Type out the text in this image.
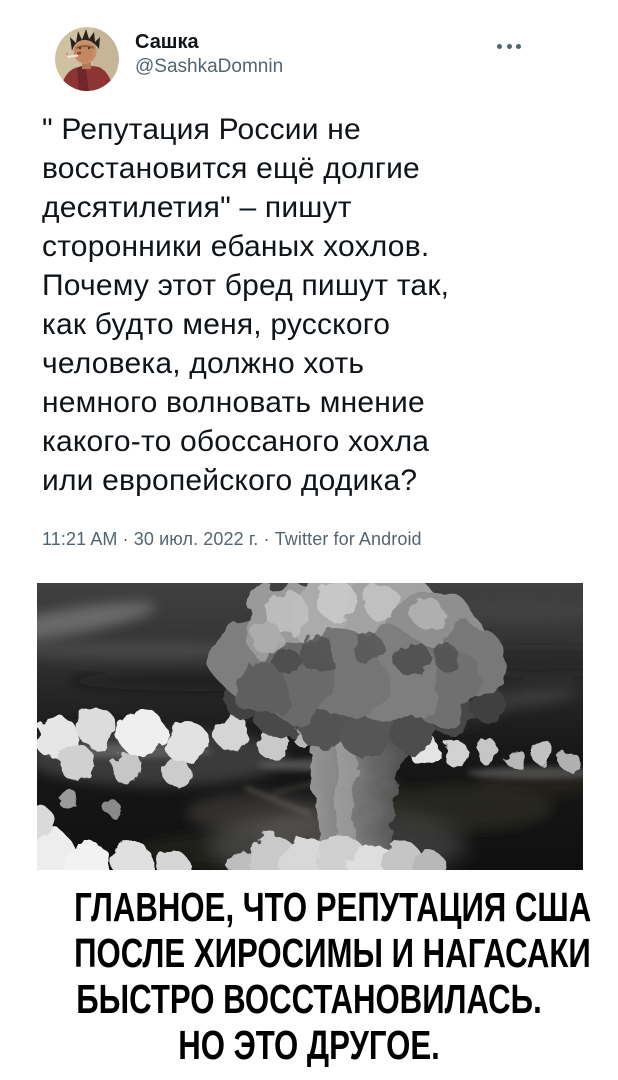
Сашка
@SashkaDomnin
" Репутация России не
восстановится ещё долгие
десятилетия" – пишут
сторонники ебаных хохлов.
Почему этот бред пишут так,
как будто меня, русского
человека, должно хоть
немного волновать мнение
какого-то обоссаного хохла
или европейского додика?
11:21 AM · 30 июл. 2022 г. · Twitter for Android
ГЛАВНОЕ, ЧТО РЕПУТАЦИЯ США
ПОСЛЕ ХИРОСИМЫ И НАГАСАКИ
БЫСТРО ВОССТАНОВИЛАСЬ.
НО ЭТО ДРУГОЕ.
